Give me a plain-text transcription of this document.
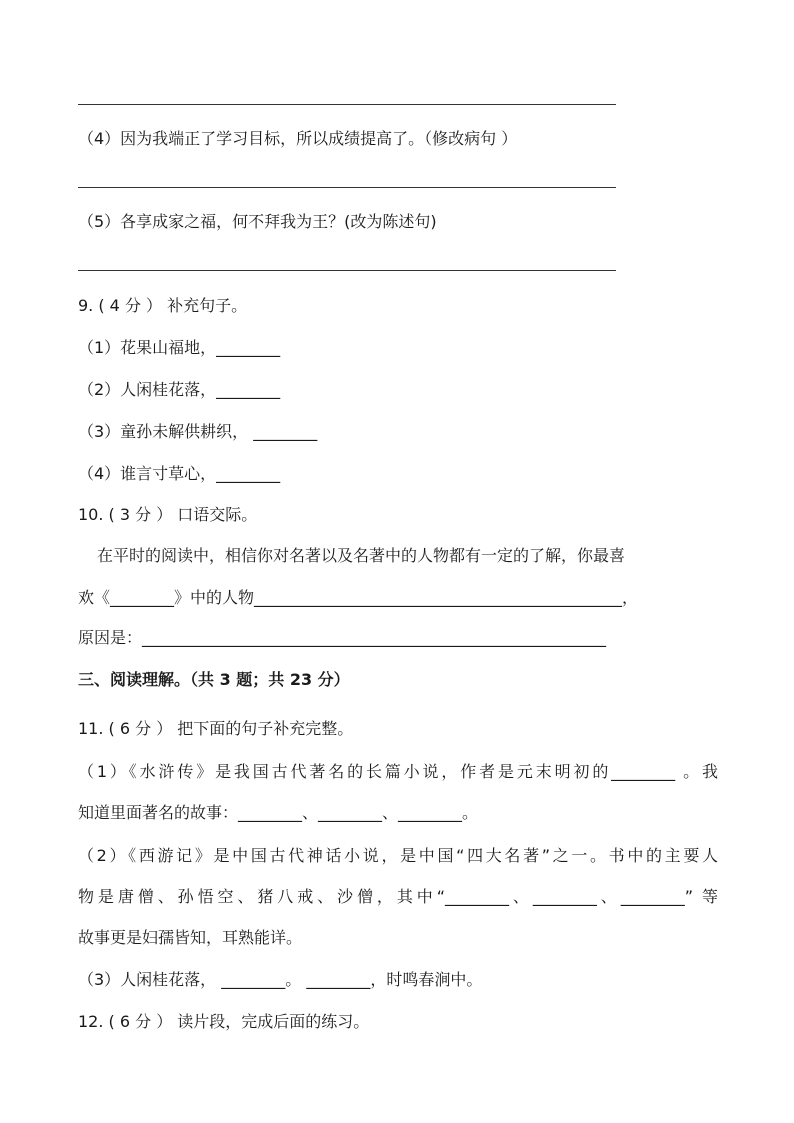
（4）因为我端正了学习目标，所以成绩提高了。（修改病句 ）
（5）各享成家之福，何不拜我为王？(改为陈述句)
9. ( 4 分 ） 补充句子。
（1）花果山福地，________
（2）人闲桂花落，________
（3）童孙未解供耕织， ________
（4）谁言寸草心，________
10. ( 3 分 ） 口语交际。
在平时的阅读中，相信你对名著以及名著中的人物都有一定的了解，你最喜
欢《________》中的人物______________________________________________，
原因是：__________________________________________________________
三、阅读理解。（共 3 题；共 23 分）
11. ( 6 分 ） 把下面的句子补充完整。
（1）《水浒传》是我国古代著名的长篇小说，作者是元末明初的________ 。我
知道里面著名的故事：________、________、________。
（2）《西游记》是中国古代神话小说，是中国“四大名著”之一。书中的主要人
物是唐僧、孙悟空、猪八戒、沙僧，其中“________、________、________” 等
故事更是妇孺皆知，耳熟能详。
（3）人闲桂花落， ________。 ________，时鸣春涧中。
12. ( 6 分 ） 读片段，完成后面的练习。
